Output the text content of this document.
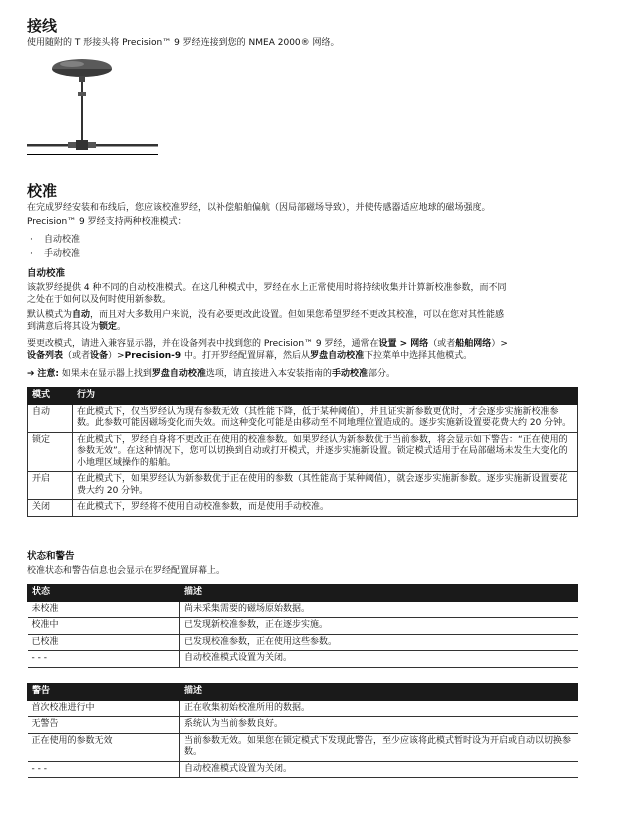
接线

使用随附的 T 形接头将 Precision™ 9 罗经连接到您的 NMEA 2000® 网络。

校准

在完成罗经安装和布线后，您应该校准罗经，以补偿船舶偏航（因局部磁场导致），并使传感器适应地球的磁场强度。

Precision™ 9 罗经支持两种校准模式：

· 自动校准
· 手动校准
自动校准

该款罗经提供 4 种不同的自动校准模式。在这几种模式中，罗经在水上正常使用时将持续收集并计算新校准参数，而不同
之处在于如何以及何时使用新参数。

默认模式为自动，而且对大多数用户来说，没有必要更改此设置。但如果您希望罗经不更改其校准，可以在您对其性能感
到满意后将其设为锁定。

要更改模式，请进入兼容显示器，并在设备列表中找到您的 Precision™ 9 罗经，通常在设置 > 网络（或者船舶网络）>
设备列表（或者设备）>Precision-9 中。打开罗经配置屏幕，然后从罗盘自动校准下拉菜单中选择其他模式。

➔ 注意: 如果未在显示器上找到罗盘自动校准选项，请直接进入本安装指南的手动校准部分。

模式	行为
自动	在此模式下，仅当罗经认为现有参数无效（其性能下降，低于某种阈值），并且证实新参数更优时，才会逐步实施新校准参数。此参数可能因磁场变化而失效。而这种变化可能是由移动至不同地理位置造成的。逐步实施新设置要花费大约 20 分钟。
锁定	在此模式下，罗经自身将不更改正在使用的校准参数。如果罗经认为新参数优于当前参数，将会显示如下警告：“正在使用的参数无效”。在这种情况下，您可以切换到自动或打开模式，并逐步实施新设置。锁定模式适用于在局部磁场未发生大变化的小地理区域操作的船舶。
开启	在此模式下，如果罗经认为新参数优于正在使用的参数（其性能高于某种阈值），就会逐步实施新参数。逐步实施新设置要花费大约 20 分钟。
关闭	在此模式下，罗经将不使用自动校准参数，而是使用手动校准。
状态和警告

校准状态和警告信息也会显示在罗经配置屏幕上。

状态	描述
未校准	尚未采集需要的磁场原始数据。
校准中	已发现新校准参数，正在逐步实施。
已校准	已发现校准参数，正在使用这些参数。
- - -	自动校准模式设置为关闭。
警告	描述
首次校准进行中	正在收集初始校准所用的数据。
无警告	系统认为当前参数良好。
正在使用的参数无效	当前参数无效。如果您在锁定模式下发现此警告，至少应该将此模式暂时设为开启或自动以切换参数。
- - -	自动校准模式设置为关闭。
